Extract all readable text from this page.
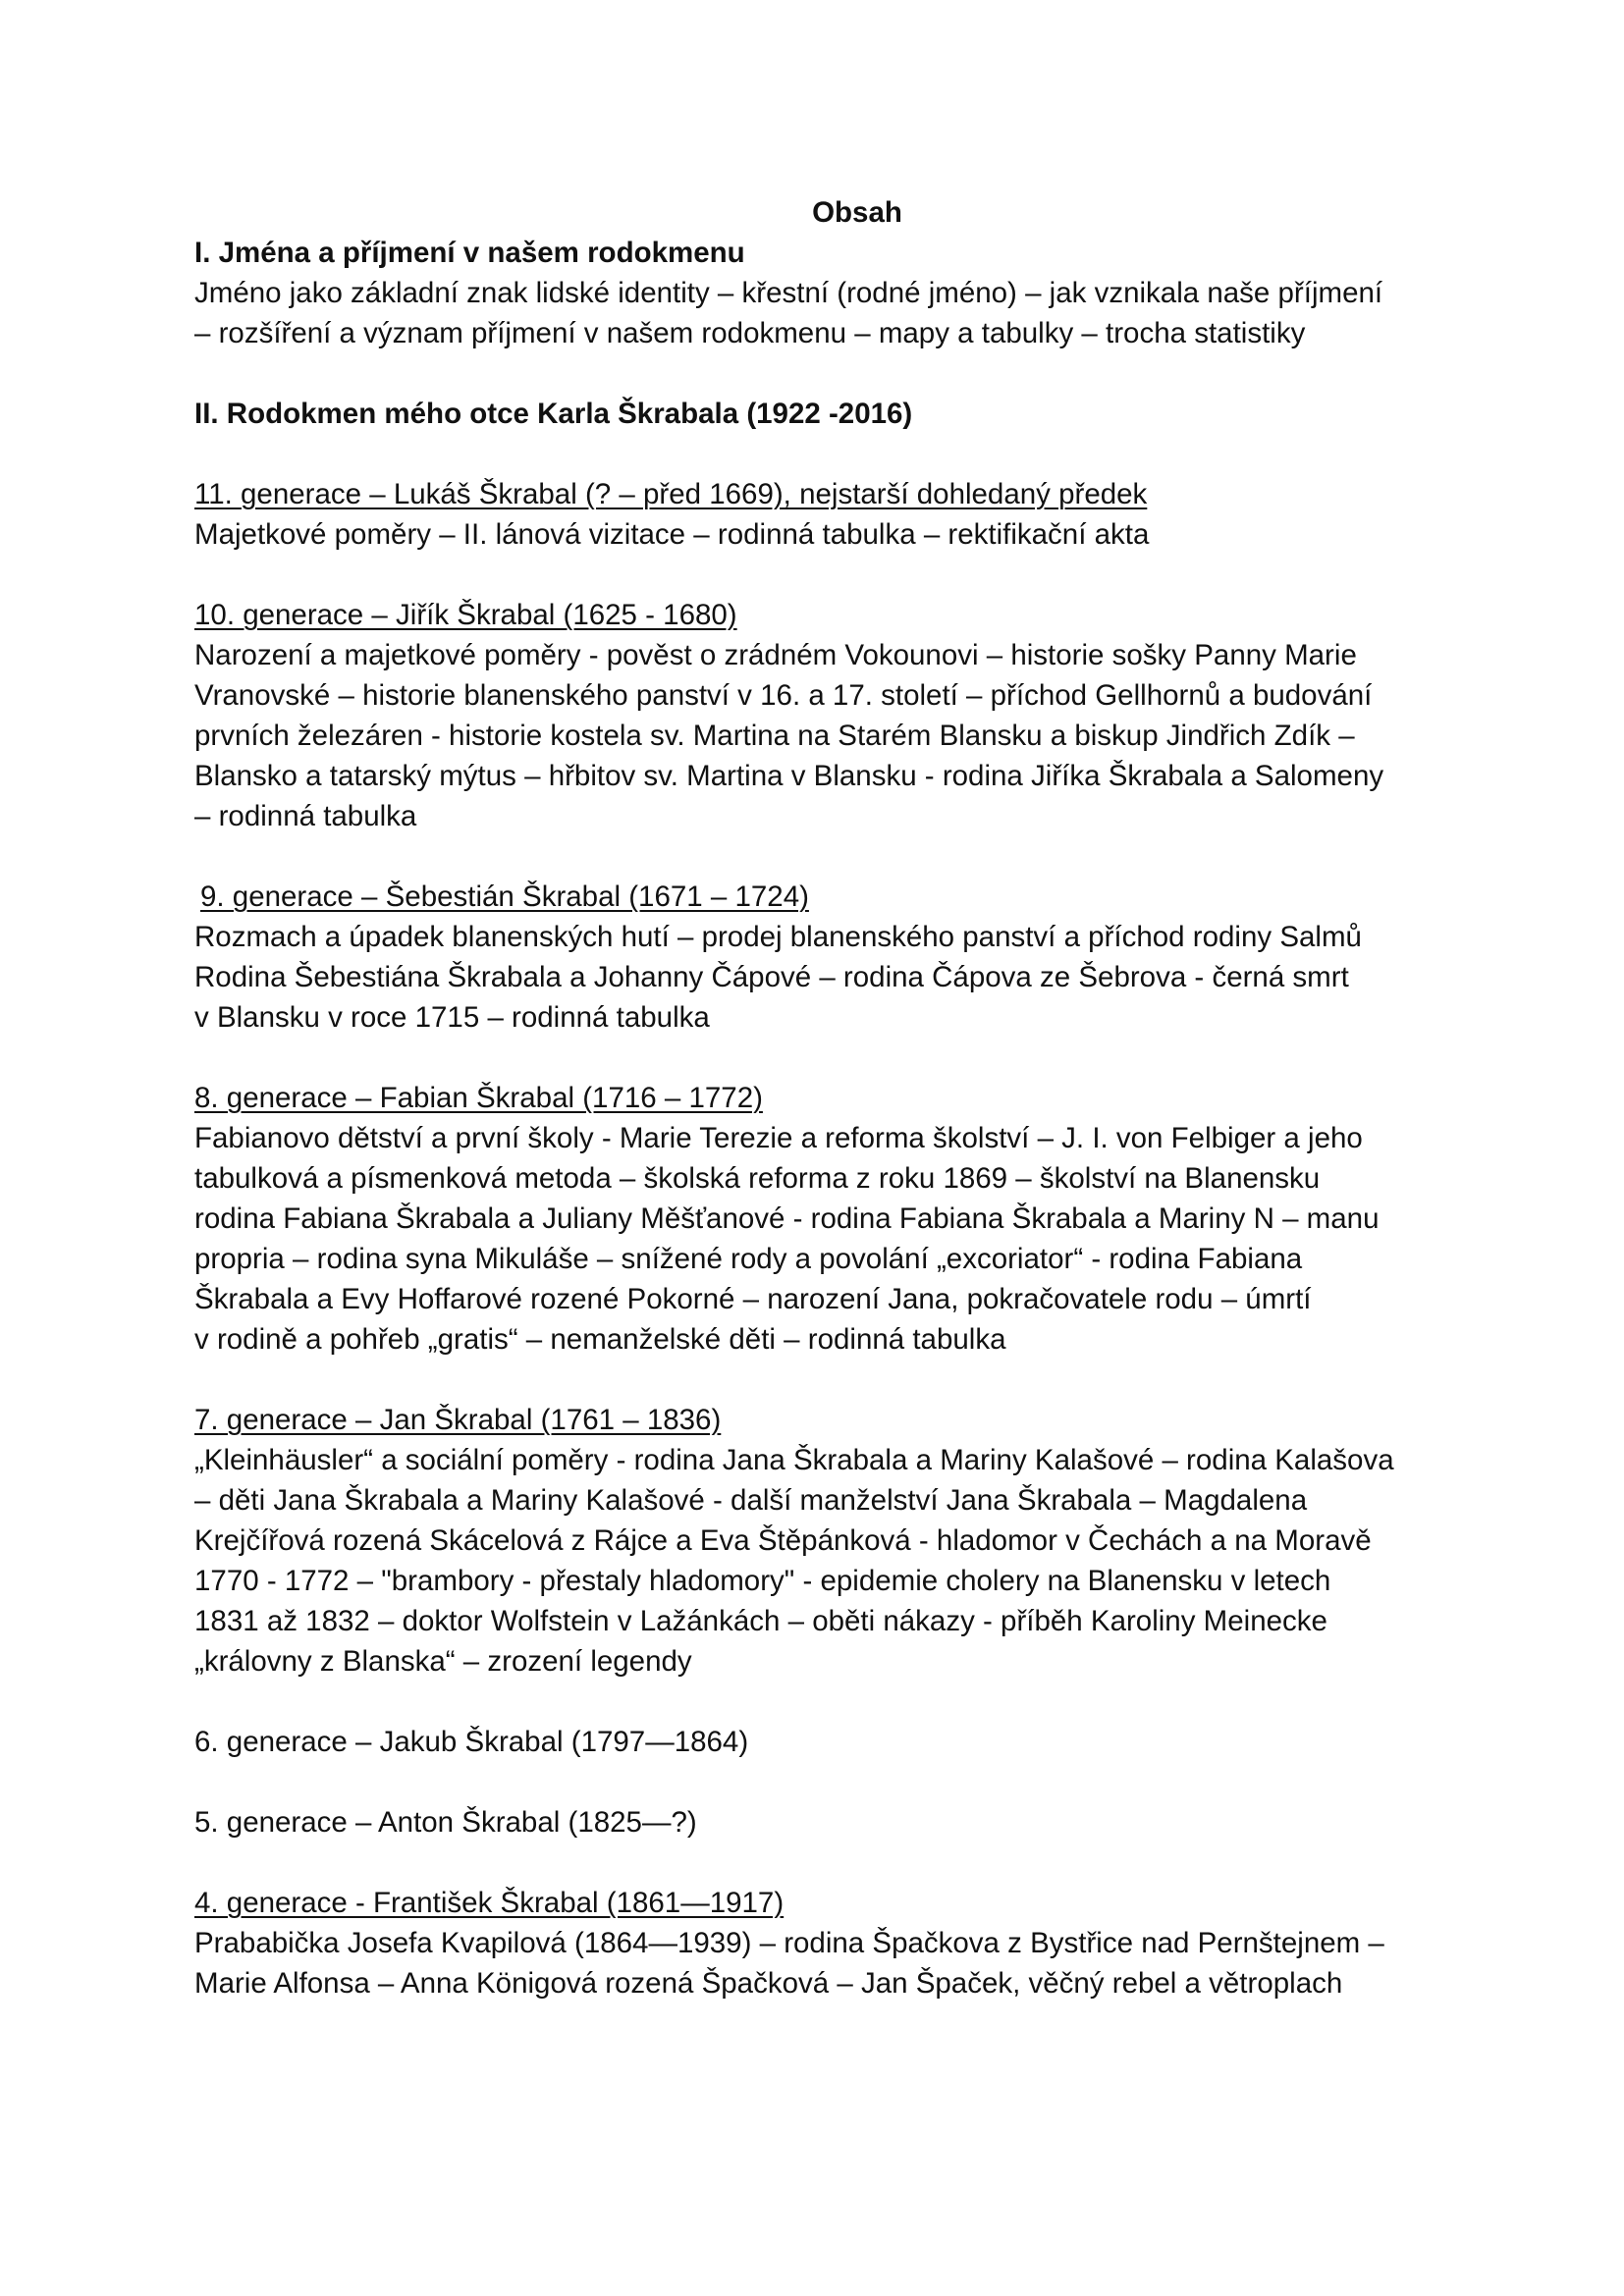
Obsah

I. Jména a příjmení v našem rodokmenu

Jméno jako základní znak lidské identity – křestní (rodné jméno) – jak vznikala naše příjmení

– rozšíření a význam příjmení v našem rodokmenu – mapy a tabulky – trocha statistiky

II. Rodokmen mého otce Karla Škrabala (1922 -2016)

11. generace – Lukáš Škrabal (? – před 1669), nejstarší dohledaný předek

Majetkové poměry – II. lánová vizitace – rodinná tabulka – rektifikační akta

10. generace – Jiřík Škrabal (1625 - 1680)

Narození a majetkové poměry - pověst o zrádném Vokounovi – historie sošky Panny Marie

Vranovské – historie blanenského panství v 16. a 17. století – příchod Gellhornů a budování

prvních železáren - historie kostela sv. Martina na Starém Blansku a biskup Jindřich Zdík –

Blansko a tatarský mýtus – hřbitov sv. Martina v Blansku - rodina Jiříka Škrabala a Salomeny

– rodinná tabulka

9. generace – Šebestián Škrabal (1671 – 1724)

Rozmach a úpadek blanenských hutí – prodej blanenského panství a příchod rodiny Salmů

Rodina Šebestiána Škrabala a Johanny Čápové – rodina Čápova ze Šebrova - černá smrt

v Blansku v roce 1715 – rodinná tabulka

8. generace – Fabian Škrabal (1716 – 1772)

Fabianovo dětství a první školy - Marie Terezie a reforma školství – J. I. von Felbiger a jeho

tabulková a písmenková metoda – školská reforma z roku 1869 – školství na Blanensku

rodina Fabiana Škrabala a Juliany Měšťanové - rodina Fabiana Škrabala a Mariny N – manu

propria – rodina syna Mikuláše – snížené rody a povolání „excoriator“ - rodina Fabiana

Škrabala a Evy Hoffarové rozené Pokorné – narození Jana, pokračovatele rodu – úmrtí

v rodině a pohřeb „gratis“ – nemanželské děti – rodinná tabulka

7. generace – Jan Škrabal (1761 – 1836)

„Kleinhäusler“ a sociální poměry - rodina Jana Škrabala a Mariny Kalašové – rodina Kalašova

– děti Jana Škrabala a Mariny Kalašové - další manželství Jana Škrabala – Magdalena

Krejčířová rozená Skácelová z Rájce a Eva Štěpánková - hladomor v Čechách a na Moravě

1770 - 1772 – "brambory - přestaly hladomory" - epidemie cholery na Blanensku v letech

1831 až 1832 – doktor Wolfstein v Lažánkách – oběti nákazy - příběh Karoliny Meinecke

„královny z Blanska“ – zrození legendy

6. generace – Jakub Škrabal (1797—1864)

5. generace – Anton Škrabal (1825—?)

4. generace - František Škrabal (1861—1917)

Prababička Josefa Kvapilová (1864—1939) – rodina Špačkova z Bystřice nad Pernštejnem –

Marie Alfonsa – Anna Königová rozená Špačková – Jan Špaček, věčný rebel a větroplach
